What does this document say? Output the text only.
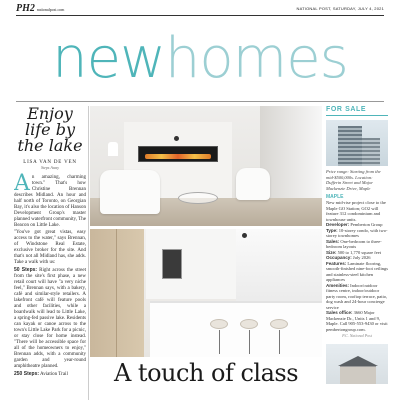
PH2 nationalpost.com	NATIONAL POST, SATURDAY, JULY 4, 2021
newhomes
Enjoy life by the lake
LISA VAN DE VEN
Steps Away
An amazing, charming town." That's how Christine Brennan describes Midland. An hour and half north of Toronto, on Georgian Bay, it's also the location of Hanson Development Group's master planned waterfront community, The Beacon on Little Lake.

"You've got great vistas, easy access to the water," says Brennan, of Windstone Real Estate, exclusive broker for the site. And that's not all Midland has, she adds. Take a walk with us:

50 Steps: Right across the street from the site's first phase, a new retail court will have "a very niche feel," Brennan says, with a bakery, café and similar-style retailers. A lakefront café will feature pools and other facilities, while a boardwalk will lead to Little Lake, a spring-fed passive lake. Residents can kayak or canoe across to the town's Little Lake Park for a picnic, or stay close for home instead. "There will be accessible space for all of the homeowners to enjoy," Brennan adds, with a community garden and year-round amphitheatre planned.

250 Steps: Aviation Trail	A touch of class
FOR SALE
Price range: Starting from the mid-$500,000s. Location: Dufferin Street and Major Mackenzie Drive, Maple
MAPLE
New mid-rise project close to the Maple GO Station; GO2 will feature 312 condominium and townhouse units.
Developer: Pemberton Group
Type: 10-storey condo, with two-storey townhomes
Sales: One-bedroom to three-bedroom layouts
Size: 500 to 1,770 square feet
Occupancy: July 2026
Features: Laminate flooring, smooth-finished nine-foot ceilings and stainless-steel kitchen appliances
Amenities: Indoor/outdoor fitness centre, indoor/outdoor party room, rooftop terrace, patio, dog wash and 24-hour concierge service
Sales office: 3660 Major Mackenzie Dr., Units 1 and 9, Maple. Call 905-553-9430 or visit pembertongroup.com.
P.C. National Post
